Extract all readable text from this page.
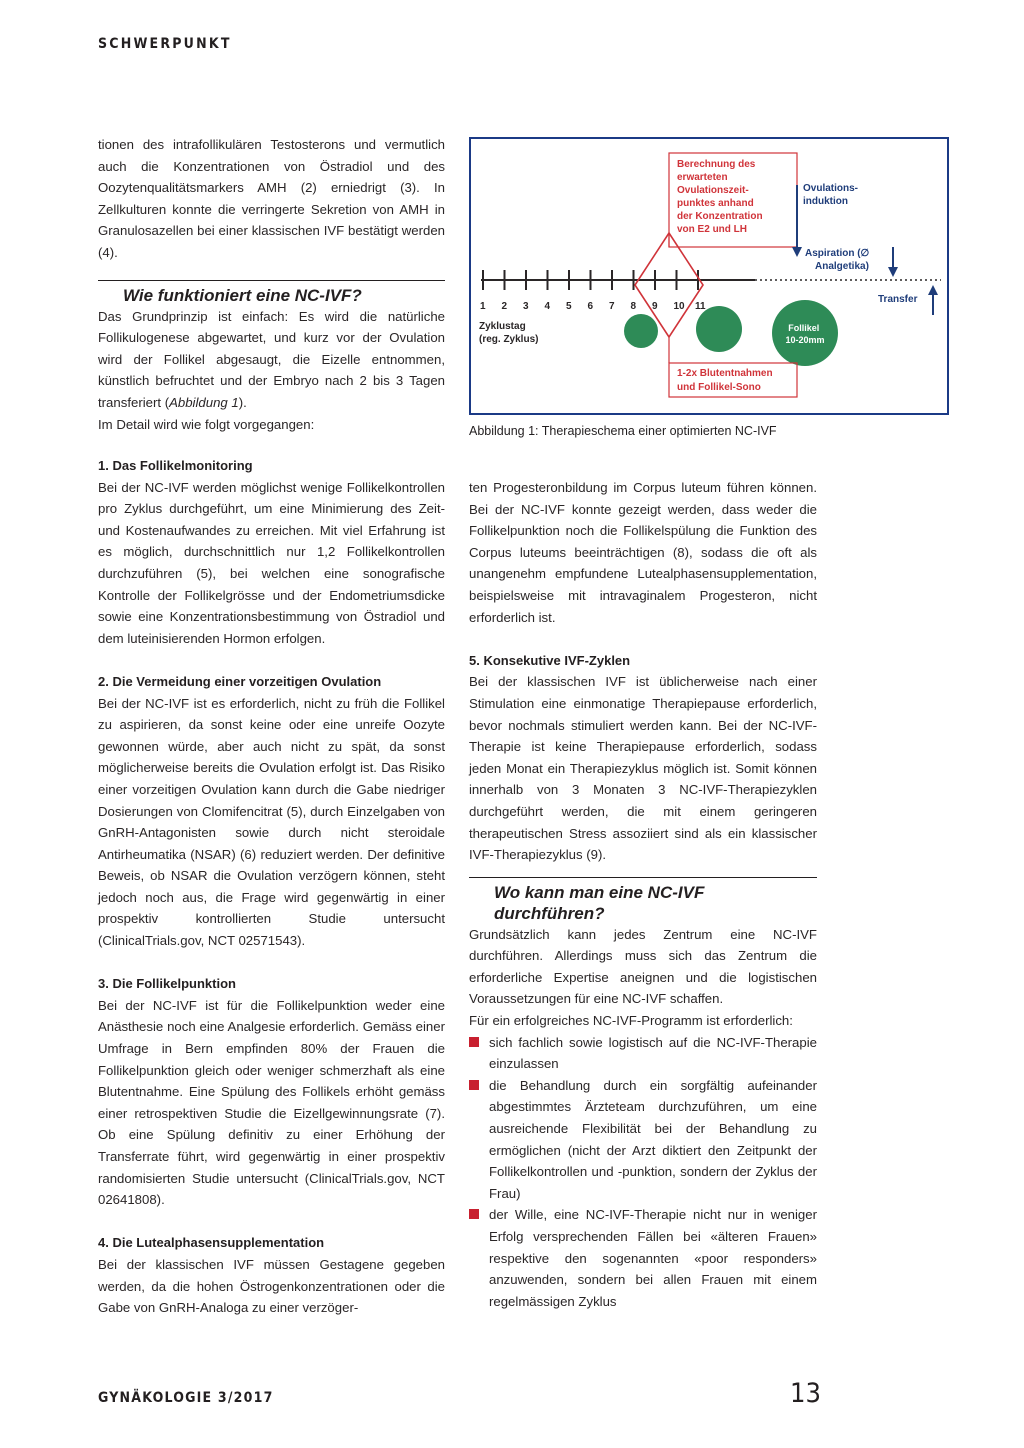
SCHWERPUNKT

tionen des intrafollikulären Testosterons und vermutlich auch die Konzentrationen von Östradiol und des Oozytenqualitätsmarkers AMH (2) erniedrigt (3). In Zellkulturen konnte die verringerte Sekretion von AMH in Granulosazellen bei einer klassischen IVF bestätigt werden (4).

Wie funktioniert eine NC-IVF?

Das Grundprinzip ist einfach: Es wird die natürliche Follikulogenese abgewartet, und kurz vor der Ovulation wird der Follikel abgesaugt, die Eizelle entnommen, künstlich befruchtet und der Embryo nach 2 bis 3 Tagen transferiert (Abbildung 1).

Im Detail wird wie folgt vorgegangen:

1. Das Follikelmonitoring

Bei der NC-IVF werden möglichst wenige Follikelkontrollen pro Zyklus durchgeführt, um eine Minimierung des Zeit- und Kostenaufwandes zu erreichen. Mit viel Erfahrung ist es möglich, durchschnittlich nur 1,2 Follikelkontrollen durchzuführen (5), bei welchen eine sonografische Kontrolle der Follikelgrösse und der Endometriumsdicke sowie eine Konzentrationsbestimmung von Östradiol und dem luteinisierenden Hormon erfolgen.

2. Die Vermeidung einer vorzeitigen Ovulation

Bei der NC-IVF ist es erforderlich, nicht zu früh die Follikel zu aspirieren, da sonst keine oder eine unreife Oozyte gewonnen würde, aber auch nicht zu spät, da sonst möglicherweise bereits die Ovulation erfolgt ist. Das Risiko einer vorzeitigen Ovulation kann durch die Gabe niedriger Dosierungen von Clomifencitrat (5), durch Einzelgaben von GnRH-Antagonisten sowie durch nicht steroidale Antirheumatika (NSAR) (6) reduziert werden. Der definitive Beweis, ob NSAR die Ovulation verzögern können, steht jedoch noch aus, die Frage wird gegenwärtig in einer prospektiv kontrollierten Studie untersucht (ClinicalTrials.gov, NCT 02571543).

3. Die Follikelpunktion

Bei der NC-IVF ist für die Follikelpunktion weder eine Anästhesie noch eine Analgesie erforderlich. Gemäss einer Umfrage in Bern empfinden 80% der Frauen die Follikelpunktion gleich oder weniger schmerzhaft als eine Blutentnahme. Eine Spülung des Follikels erhöht gemäss einer retrospektiven Studie die Eizellgewinnungsrate (7). Ob eine Spülung definitiv zu einer Erhöhung der Transferrate führt, wird gegenwärtig in einer prospektiv randomisierten Studie untersucht (ClinicalTrials.gov, NCT 02641808).

4. Die Lutealphasensupplementation

Bei der klassischen IVF müssen Gestagene gegeben werden, da die hohen Östrogenkonzentrationen oder die Gabe von GnRH-Analoga zu einer verzöger-

Berechnung des erwarteten Ovulationszeit- punktes anhand der Konzentration von E2 und LH
Ovulations- induktion
Aspiration (∅ Analgetika)
1 2 3 4 5 6 7 8 9 10 11
Transfer
Zyklustag (reg. Zyklus)
Follikel 10-20mm
1-2x Blutentnahmen und Follikel-Sono
Abbildung 1: Therapieschema einer optimierten NC-IVF

ten Progesteronbildung im Corpus luteum führen können. Bei der NC-IVF konnte gezeigt werden, dass weder die Follikelpunktion noch die Follikelspülung die Funktion des Corpus luteums beeinträchtigen (8), sodass die oft als unangenehm empfundene Lutealphasensupplementation, beispielsweise mit intravaginalem Progesteron, nicht erforderlich ist.

5. Konsekutive IVF-Zyklen

Bei der klassischen IVF ist üblicherweise nach einer Stimulation eine einmonatige Therapiepause erforderlich, bevor nochmals stimuliert werden kann. Bei der NC-IVF-Therapie ist keine Therapiepause erforderlich, sodass jeden Monat ein Therapiezyklus möglich ist. Somit können innerhalb von 3 Monaten 3 NC-IVF-Therapiezyklen durchgeführt werden, die mit einem geringeren therapeutischen Stress assoziiert sind als ein klassischer IVF-Therapiezyklus (9).

Wo kann man eine NC-IVF durchführen?

Grundsätzlich kann jedes Zentrum eine NC-IVF durchführen. Allerdings muss sich das Zentrum die erforderliche Expertise aneignen und die logistischen Voraussetzungen für eine NC-IVF schaffen.

Für ein erfolgreiches NC-IVF-Programm ist erforderlich:

sich fachlich sowie logistisch auf die NC-IVF-Therapie einzulassen
die Behandlung durch ein sorgfältig aufeinander abgestimmtes Ärzteteam durchzuführen, um eine ausreichende Flexibilität bei der Behandlung zu ermöglichen (nicht der Arzt diktiert den Zeitpunkt der Follikelkontrollen und -punktion, sondern der Zyklus der Frau)
der Wille, eine NC-IVF-Therapie nicht nur in weniger Erfolg versprechenden Fällen bei «älteren Frauen» respektive den sogenannten «poor responders» anzuwenden, sondern bei allen Frauen mit einem regelmässigen Zyklus
GYNÄKOLOGIE 3/2017	13
